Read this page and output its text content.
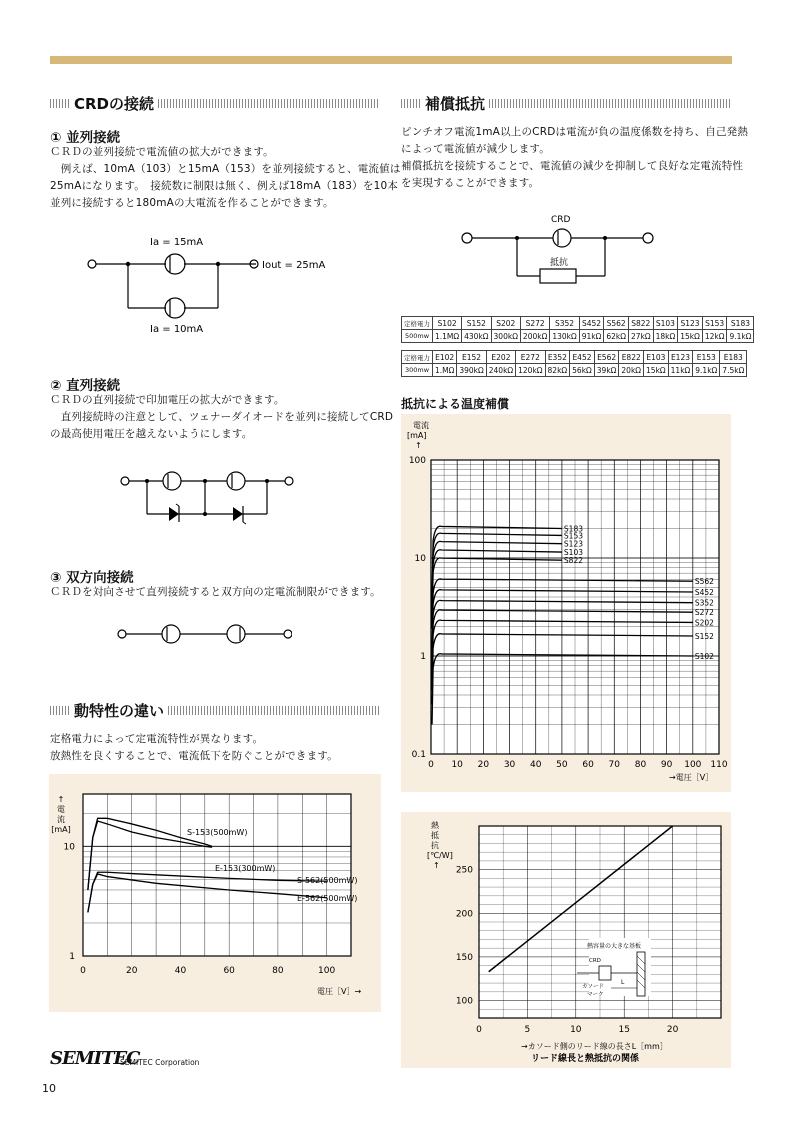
CRDの接続	補償抵抗
動特性の違い
① 並列接続
ＣＲＤの並列接続で電流値の拡大ができます。
　例えば、10mA（103）と15mA（153）を並列接続すると、電流値は
25mAになります。　接続数に制限は無く、例えば18mA（183）を10本
並列に接続すると180mAの大電流を作ることができます。
Ia = 15mA
Iout = 25mA
Ia = 10mA
② 直列接続
ＣＲＤの直列接続で印加電圧の拡大ができます。
　直列接続時の注意として、ツェナーダイオードを並列に接続してCRD
の最高使用電圧を越えないようにします。
③ 双方向接続
ＣＲＤを対向させて直列接続すると双方向の定電流制限ができます。
定格電力によって定電流特性が異なります。
放熱性を良くすることで、電流低下を防ぐことができます。
0	20	40	60	80	100
1
10
S-153(500mW)
E-153(300mW)
S-562(500mW)
E-562(500mW)
↑
電
流
[mA]
電圧［V］→
ピンチオフ電流1mA以上のCRDは電流が負の温度係数を持ち、自己発熱
によって電流値が減少します。
補償抵抗を接続することで、電流値の減少を抑制して良好な定電流特性
を実現することができます。
CRD
抵抗
定格電力	S102	S152	S202	S272	S352	S452	S562	S822	S103	S123	S153	S183
500mw	1.1MΩ	430kΩ	300kΩ	200kΩ	130kΩ	91kΩ	62kΩ	27kΩ	18kΩ	15kΩ	12kΩ	9.1kΩ
定格電力	E102	E152	E202	E272	E352	E452	E562	E822	E103	E123	E153	E183
300mw	1.MΩ	390kΩ	240kΩ	120kΩ	82kΩ	56kΩ	39kΩ	20kΩ	15kΩ	11kΩ	9.1kΩ	7.5kΩ
抵抗による温度補償
0 10 20 30 40 50 60 70 80 90 100 110
0.1
1
10
100
S183
S153
S123
S103
S822
S562
S452
S352
S272
S202
S152
S102
電流
[mA]
↑
→電圧［V］
0	5	10	15	20
100
150
200
250
熱
抵
抗
[℃/W]
↑
→カソード側のリード線の長さL［mm］
リード線長と熱抵抗の関係
熱容量の大きな基板
CRD
カソード
マーク
L
SEMITEC
SEMITEC Corporation
10
